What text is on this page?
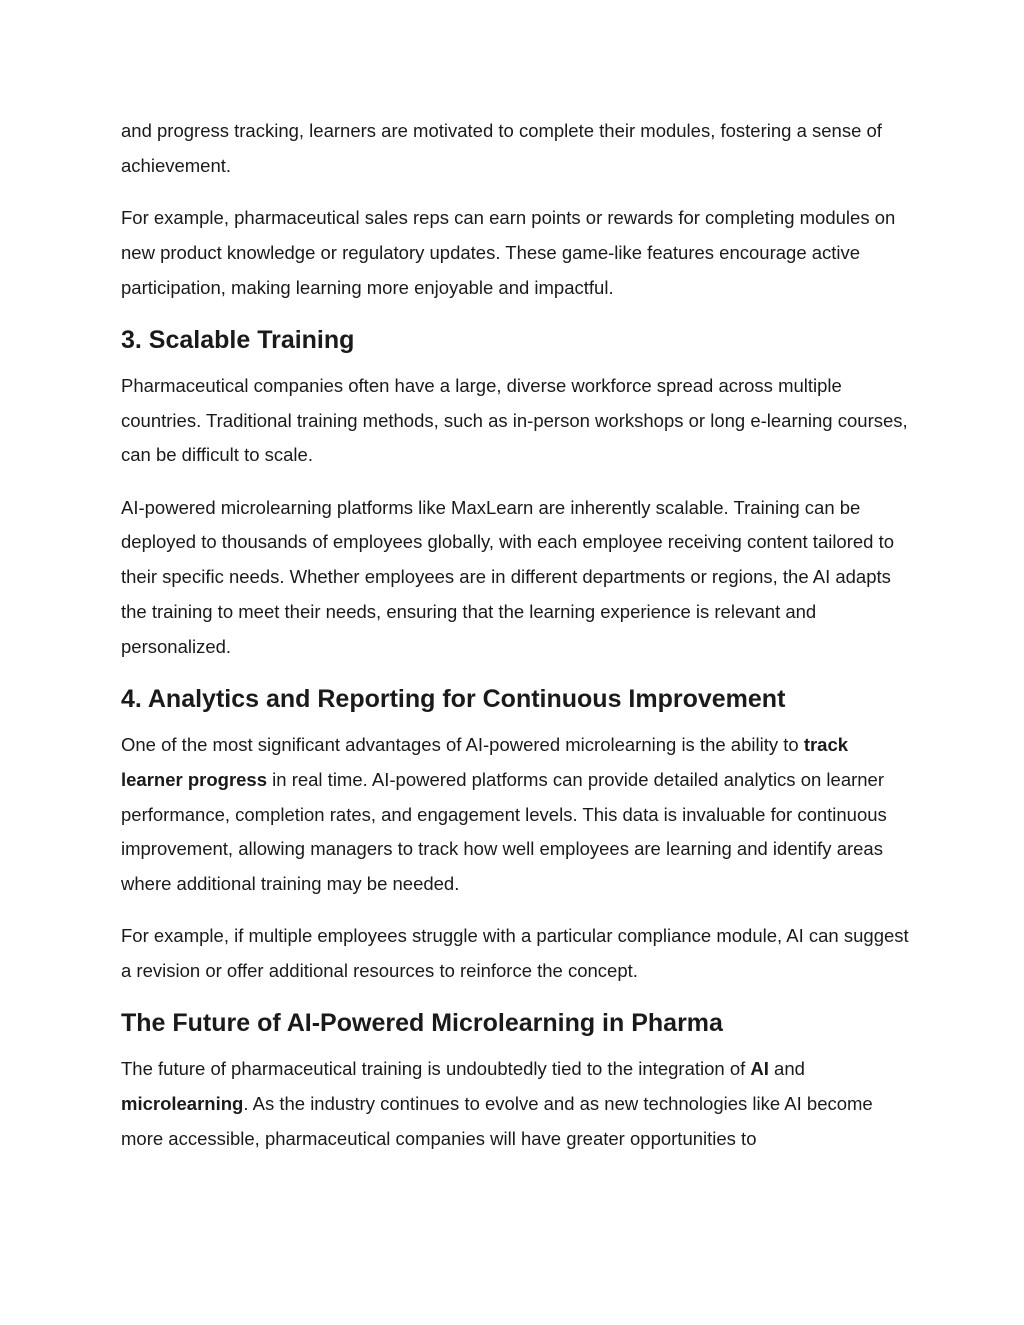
and progress tracking, learners are motivated to complete their modules, fostering a sense of achievement.

For example, pharmaceutical sales reps can earn points or rewards for completing modules on new product knowledge or regulatory updates. These game-like features encourage active participation, making learning more enjoyable and impactful.

3. Scalable Training

Pharmaceutical companies often have a large, diverse workforce spread across multiple countries. Traditional training methods, such as in-person workshops or long e-learning courses, can be difficult to scale.

AI-powered microlearning platforms like MaxLearn are inherently scalable. Training can be deployed to thousands of employees globally, with each employee receiving content tailored to their specific needs. Whether employees are in different departments or regions, the AI adapts the training to meet their needs, ensuring that the learning experience is relevant and personalized.

4. Analytics and Reporting for Continuous Improvement

One of the most significant advantages of AI-powered microlearning is the ability to track learner progress in real time. AI-powered platforms can provide detailed analytics on learner performance, completion rates, and engagement levels. This data is invaluable for continuous improvement, allowing managers to track how well employees are learning and identify areas where additional training may be needed.

For example, if multiple employees struggle with a particular compliance module, AI can suggest a revision or offer additional resources to reinforce the concept.

The Future of AI-Powered Microlearning in Pharma

The future of pharmaceutical training is undoubtedly tied to the integration of AI and microlearning. As the industry continues to evolve and as new technologies like AI become more accessible, pharmaceutical companies will have greater opportunities to
